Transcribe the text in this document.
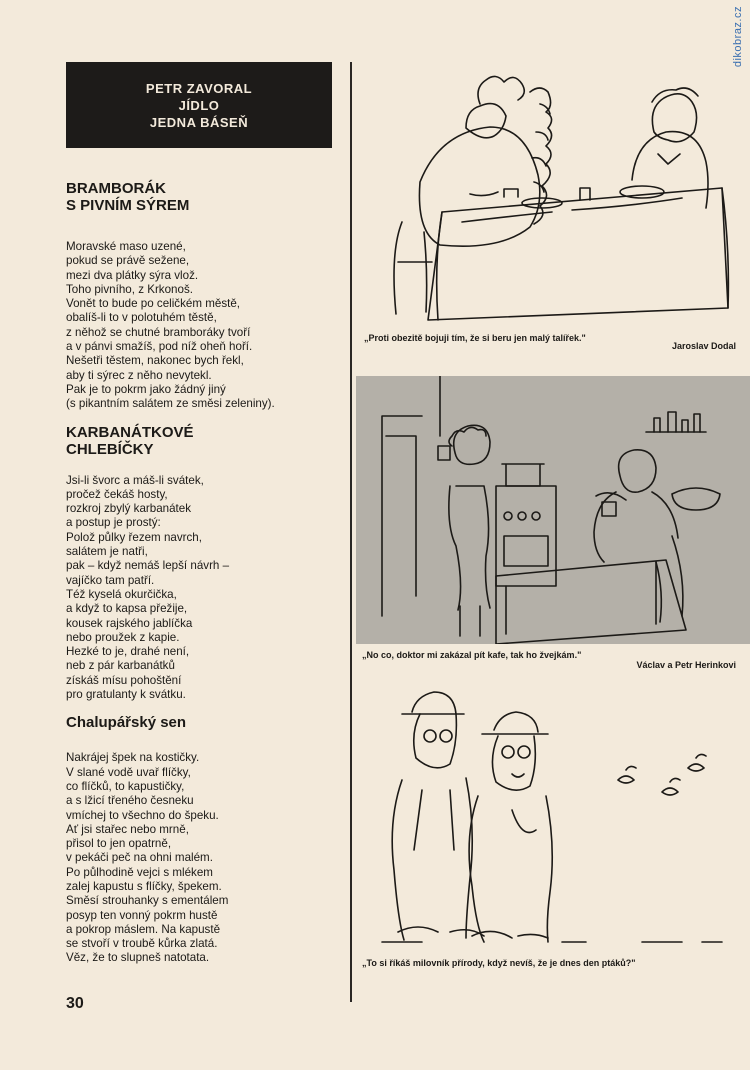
dikobraz.cz
PETR ZAVORAL
JÍDLO
JEDNA BÁSEŇ
BRAMBORÁK
S PIVNÍM SÝREM
Moravské maso uzené,
pokud se právě sežene,
mezi dva plátky sýra vlož.
Toho pivního, z Krkonoš.
Vonět to bude po celičkém městě,
obalíš-li to v polotuhém těstě,
z něhož se chutné bramboráky tvoří
a v pánvi smažíš, pod níž oheň hoří.
Nešetři těstem, nakonec bych řekl,
aby ti sýrec z něho nevytekl.
Pak je to pokrm jako žádný jiný
(s pikantním salátem ze směsi zeleniny).
KARBANÁTKOVÉ
CHLEBÍČKY
Jsi-li švorc a máš-li svátek,
pročež čekáš hosty,
rozkroj zbylý karbanátek
a postup je prostý:
Polož půlky řezem navrch,
salátem je natři,
pak – když nemáš lepší návrh –
vajíčko tam patří.
Též kyselá okurčička,
a když to kapsa přežije,
kousek rajského jablíčka
nebo proužek z kapie.
Hezké to je, drahé není,
neb z pár karbanátků
získáš mísu pohoštění
pro gratulanty k svátku.
Chalupářský sen
Nakrájej špek na kostičky.
V slané vodě uvař flíčky,
co flíčků, to kapustičky,
a s lžicí třeného česneku
vmíchej to všechno do špeku.
Ať jsi stařec nebo mrně,
přisol to jen opatrně,
v pekáči peč na ohni malém.
Po půlhodině vejci s mlékem
zalej kapustu s flíčky, špekem.
Směsí strouhanky s ementálem
posyp ten vonný pokrm hustě
a pokrop máslem. Na kapustě
se stvoří v troubě kůrka zlatá.
Věz, že to slupneš natotata.
30
„Proti obezitě bojuji tím, že si beru jen malý talířek."
Jaroslav Dodal
„No co, doktor mi zakázal pít kafe, tak ho žvejkám."
Václav a Petr Herinkovi
„To si říkáš milovník přírody, když nevíš, že je dnes den ptáků?"
